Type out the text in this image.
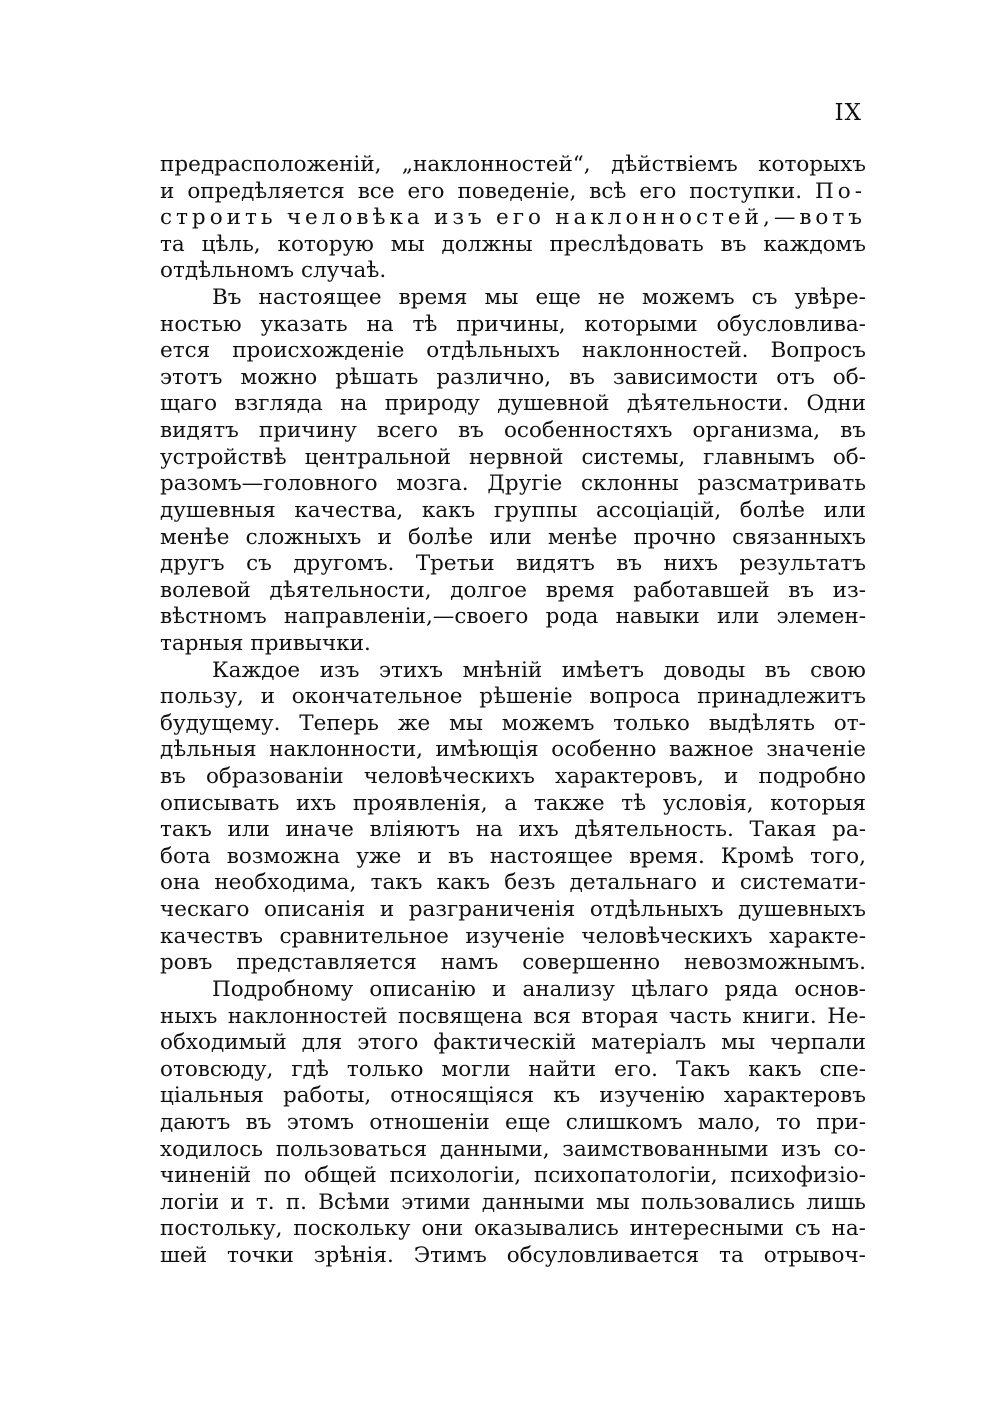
IX
предрасположенiй, „наклонностей“, дѣйствiемъ которыхъ
и опредѣляется все его поведенiе, всѣ его поступки. По-
строить человѣка изъ его наклонностей,—вотъ
та цѣль, которую мы должны преслѣдовать въ каждомъ
отдѣльномъ случаѣ.
Въ настоящее время мы еще не можемъ съ увѣре-
ностью указать на тѣ причины, которыми обусловлива-
ется происхожденiе отдѣльныхъ наклонностей. Вопросъ
этотъ можно рѣшать различно, въ зависимости отъ об-
щаго взгляда на природу душевной дѣятельности. Одни
видятъ причину всего въ особенностяхъ организма, въ
устройствѣ центральной нервной системы, главнымъ об-
разомъ—головного мозга. Другiе склонны разсматривать
душевныя качества, какъ группы ассоцiацiй, болѣе или
менѣе сложныхъ и болѣе или менѣе прочно связанныхъ
другъ съ другомъ. Третьи видятъ въ нихъ результатъ
волевой дѣятельности, долгое время работавшей въ из-
вѣстномъ направленiи,—своего рода навыки или элемен-
тарныя привычки.
Каждое изъ этихъ мнѣнiй имѣетъ доводы въ свою
пользу, и окончательное рѣшенiе вопроса принадлежитъ
будущему. Теперь же мы можемъ только выдѣлять от-
дѣльныя наклонности, имѣющiя особенно важное значенiе
въ образованiи человѣческихъ характеровъ, и подробно
описывать ихъ проявленiя, а также тѣ условiя, которыя
такъ или иначе влiяютъ на ихъ дѣятельность. Такая ра-
бота возможна уже и въ настоящее время. Кромѣ того,
она необходима, такъ какъ безъ детальнаго и системати-
ческаго описанiя и разграниченiя отдѣльныхъ душевныхъ
качествъ сравнительное изученiе человѣческихъ характе-
ровъ представляется намъ совершенно невозможнымъ.
Подробному описанiю и анализу цѣлаго ряда основ-
ныхъ наклонностей посвящена вся вторая часть книги. Не-
обходимый для этого фактическiй матерiалъ мы черпали
отовсюду, гдѣ только могли найти его. Такъ какъ спе-
цiальныя работы, относящiяся къ изученiю характеровъ
даютъ въ этомъ отношенiи еще слишкомъ мало, то при-
ходилось пользоваться данными, заимствованными изъ со-
чиненiй по общей психологiи, психопатологiи, психофизiо-
логiи и т. п. Всѣми этими данными мы пользовались лишь
постольку, поскольку они оказывались интересными съ на-
шей точки зрѣнiя. Этимъ обсуловливается та отрывоч-
